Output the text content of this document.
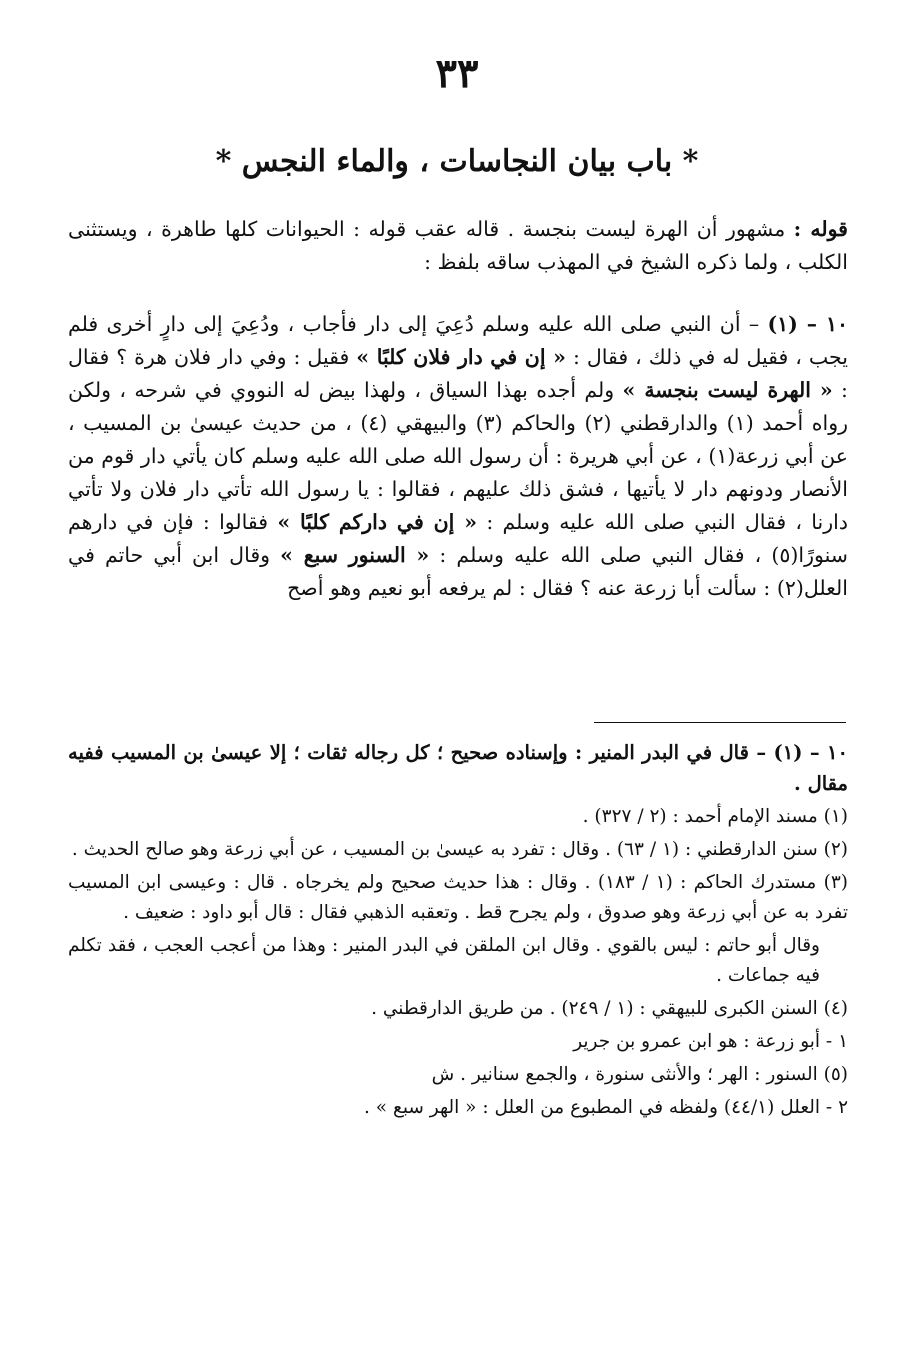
٣٣
* باب بيان النجاسات ، والماء النجس *

قوله : مشهور أن الهرة ليست بنجسة . قاله عقب قوله : الحيوانات كلها طاهرة ، ويستثنى الكلب ، ولما ذكره الشيخ في المهذب ساقه بلفظ :

١٠ – (١) – أن النبي صلى الله عليه وسلم دُعِيَ إلى دار فأجاب ، ودُعِيَ إلى دارٍ أخرى فلم يجب ، فقيل له في ذلك ، فقال : « إن في دار فلان كلبًا » فقيل : وفي دار فلان هرة ؟ فقال : « الهرة ليست بنجسة » ولم أجده بهذا السياق ، ولهذا بيض له النووي في شرحه ، ولكن رواه أحمد (١) والدارقطني (٢) والحاكم (٣) والبيهقي (٤) ، من حديث عيسىٰ بن المسيب ، عن أبي زرعة(١) ، عن أبي هريرة : أن رسول الله صلى الله عليه وسلم كان يأتي دار قوم من الأنصار ودونهم دار لا يأتيها ، فشق ذلك عليهم ، فقالوا : يا رسول الله تأتي دار فلان ولا تأتي دارنا ، فقال النبي صلى الله عليه وسلم : « إن في داركم كلبًا » فقالوا : فإن في دارهم سنورًا(٥) ، فقال النبي صلى الله عليه وسلم : « السنور سبع » وقال ابن أبي حاتم في العلل(٢) : سألت أبا زرعة عنه ؟ فقال : لم يرفعه أبو نعيم وهو أصح

١٠ – (١) – قال في البدر المنير : وإسناده صحيح ؛ كل رجاله ثقات ؛ إلا عيسىٰ بن المسيب ففيه مقال .

(١) مسند الإمام أحمد : (٢ / ٣٢٧) .

(٢) سنن الدارقطني : (١ / ٦٣) . وقال : تفرد به عيسىٰ بن المسيب ، عن أبي زرعة وهو صالح الحديث .

(٣) مستدرك الحاكم : (١ / ١٨٣) . وقال : هذا حديث صحيح ولم يخرجاه . قال : وعيسى ابن المسيب تفرد به عن أبي زرعة وهو صدوق ، ولم يجرح قط . وتعقبه الذهبي فقال : قال أبو داود : ضعيف .

وقال أبو حاتم : ليس بالقوي . وقال ابن الملقن في البدر المنير : وهذا من أعجب العجب ، فقد تكلم فيه جماعات .

(٤) السنن الكبرى للبيهقي : (١ / ٢٤٩) . من طريق الدارقطني .

١ - أبو زرعة : هو ابن عمرو بن جرير

(٥) السنور : الهر ؛ والأنثى سنورة ، والجمع سنانير . ش

٢ - العلل (٤٤/١) ولفظه في المطبوع من العلل : « الهر سبع » .
